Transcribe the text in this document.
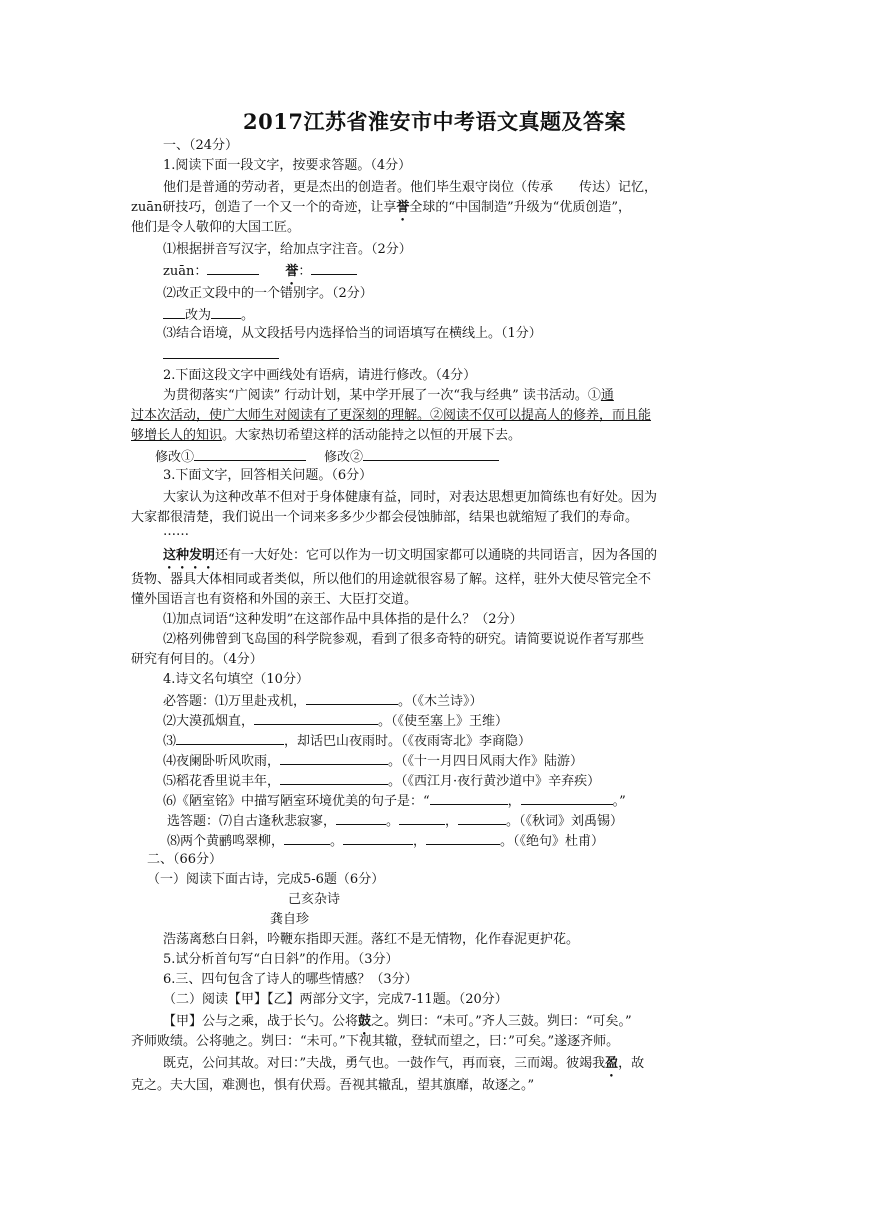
2017江苏省淮安市中考语文真题及答案
一、（24分）
1.阅读下面一段文字，按要求答题。（4分）
他们是普通的劳动者，更是杰出的创造者。他们毕生艰守岗位（传承　　传达）记忆，
zuān研技巧，创造了一个又一个的奇迹，让享誉全球的“中国制造”升级为“优质创造”，
他们是令人敬仰的大国工匠。
⑴根据拼音写汉字，给加点字注音。（2分）
zuān：	誉：
⑵改正文段中的一个错别字。（2分）
改为 。
⑶结合语境，从文段括号内选择恰当的词语填写在横线上。（1分）
2.下面这段文字中画线处有语病，请进行修改。（4分）
为贯彻落实“广阅读” 行动计划，某中学开展了一次“我与经典” 读书活动。①通
过本次活动，使广大师生对阅读有了更深刻的理解。②阅读不仅可以提高人的修养，而且能
够增长人的知识。大家热切希望这样的活动能持之以恒的开展下去。
修改①	修改②
3.下面文字，回答相关问题。（6分）
大家认为这种改革不但对于身体健康有益，同时，对表达思想更加简练也有好处。因为
大家都很清楚，我们说出一个词来多多少少都会侵蚀肺部，结果也就缩短了我们的寿命。
……
这种发明还有一大好处：它可以作为一切文明国家都可以通晓的共同语言，因为各国的
货物、器具大体相同或者类似，所以他们的用途就很容易了解。这样，驻外大使尽管完全不
懂外国语言也有资格和外国的亲王、大臣打交道。
⑴加点词语“这种发明”在这部作品中具体指的是什么？（2分）
⑵格列佛曾到飞岛国的科学院参观，看到了很多奇特的研究。请简要说说作者写那些
研究有何目的。（4分）
4.诗文名句填空（10分）
必答题：⑴万里赴戎机，	。（《木兰诗》）
⑵大漠孤烟直，	。（《使至塞上》王维）
⑶	，却话巴山夜雨时。（《夜雨寄北》李商隐）
⑷夜阑卧听风吹雨，	。（《十一月四日风雨大作》陆游）
⑸稻花香里说丰年，	。（《西江月·夜行黄沙道中》辛弃疾）
⑹《陋室铭》中描写陋室环境优美的句子是：“	，	。”
选答题：⑺自古逢秋悲寂寥，	。	，	。（《秋词》刘禹锡）
⑻两个黄鹂鸣翠柳，	。	，	。（《绝句》杜甫）
二、（66分）
（一）阅读下面古诗，完成5-6题（6分）
己亥杂诗
龚自珍
浩荡离愁白日斜，吟鞭东指即天涯。落红不是无情物，化作春泥更护花。
5.试分析首句写“白日斜”的作用。（3分）
6.三、四句包含了诗人的哪些情感？（3分）
（二）阅读【甲】【乙】两部分文字，完成7-11题。（20分）
【甲】公与之乘，战于长勺。公将鼓之。刿曰：“未可。”齐人三鼓。刿曰：“可矣。”
齐师败绩。公将驰之。刿曰：“未可。”下视其辙，登轼而望之，曰：”可矣。”遂逐齐师。
既克，公问其故。对曰：”夫战，勇气也。一鼓作气，再而衰，三而竭。彼竭我盈，故
克之。夫大国，难测也，惧有伏焉。吾视其辙乱，望其旗靡，故逐之。”
